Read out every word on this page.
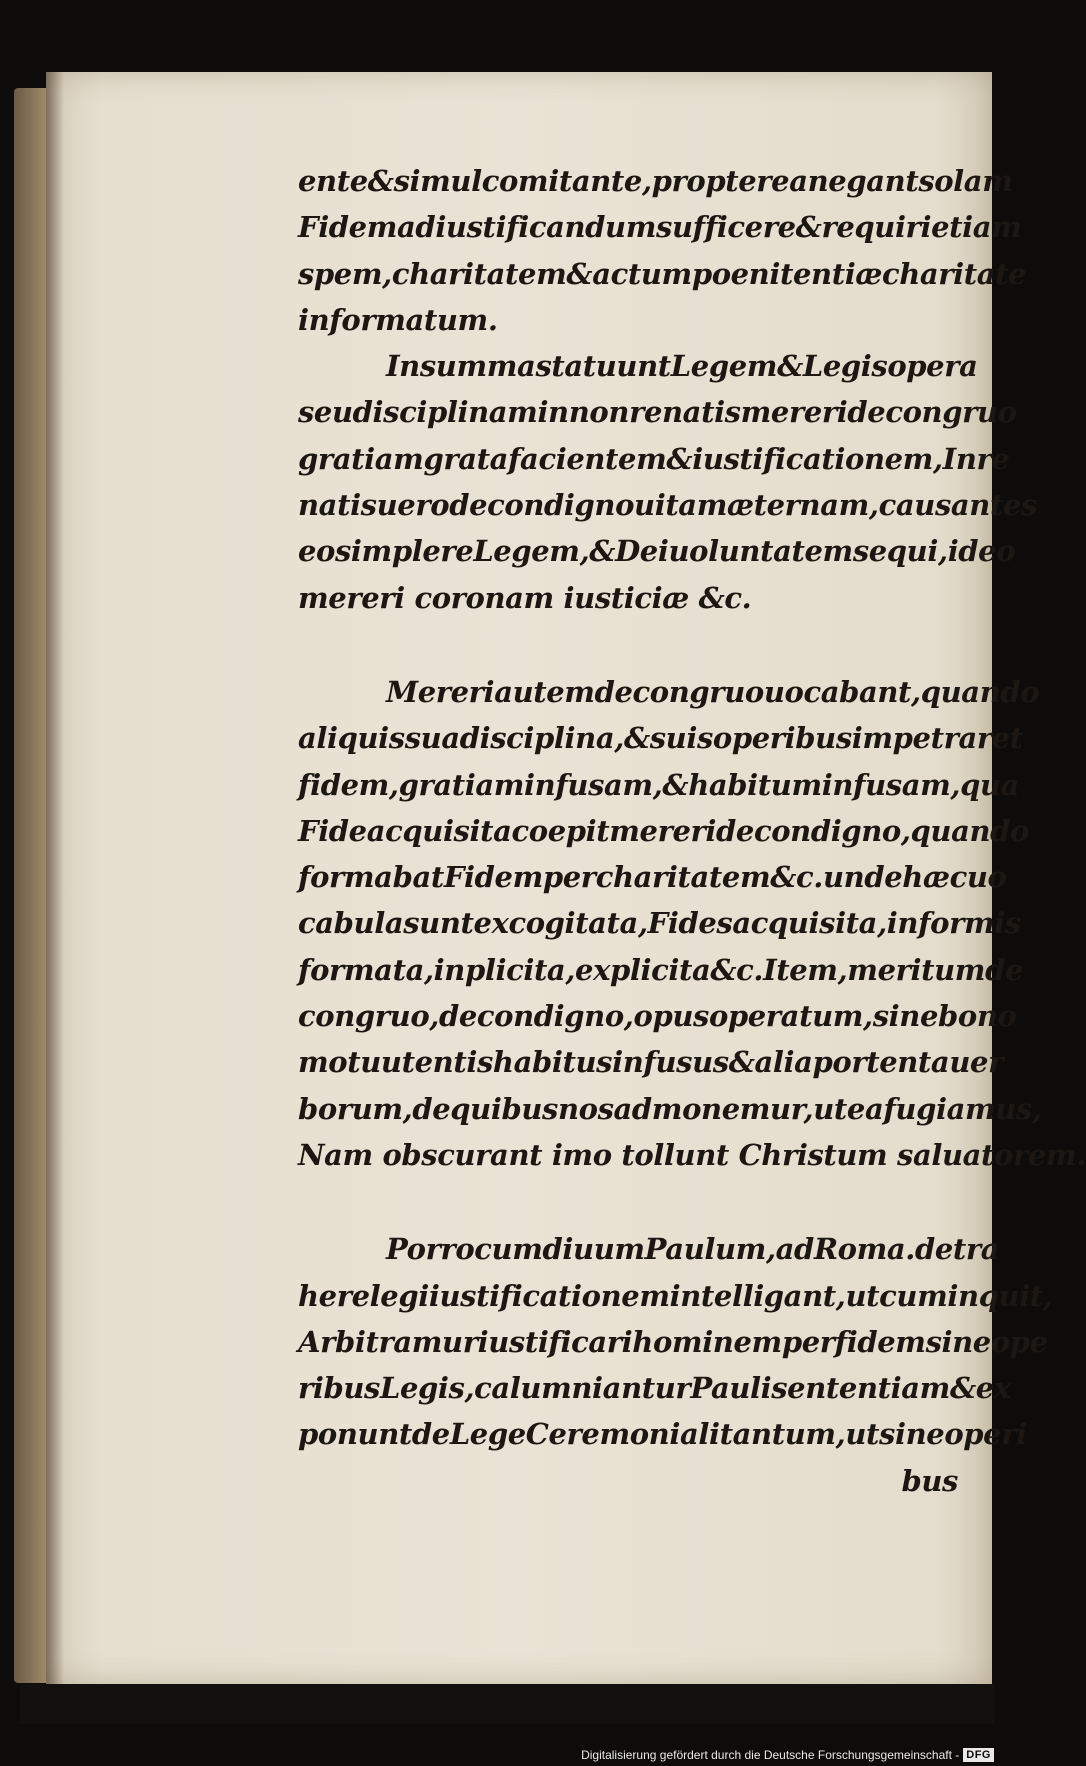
ente & simul comitante , propterea negant solam
Fidem ad iustificandum sufficere & requiri etiam
spem , charitatem & actum poenitentiæ charitate
informatum.
In summa statuunt Legem & Legis opera
seu disciplinam in non renatis mereri de congruo
gratiam grata facientem & iustificationem,In re
natis uero de condigno uitam æternam , causantes
eos implere Legem, & Dei uoluntatem sequi, ideo
mereri coronam iusticiæ &c.
Mereri autem de congruo uocabant,quando
aliquis sua disciplina , & suis operibus impetraret
fidem,gratiam infusam, & habitum infusam, qua
Fide acquisita coepit mereri de condigno , quando
formabat Fidem per charitatem &c. unde hæc uo
cabula sunt excogitata , Fides acquisita , informis
formata,inplicita,explicita &c. Item, meritum de
congruo, de condigno , opus operatum, sine bono
motu utentis habitus infusus & alia portenta uer
borum,de quibus nos admonemur,ut ea fugiamus,
Nam obscurant imo tollunt Christum saluatorem.
Porro cum diuum Paulum, ad Roma. detra
here legi iustificationem intelligant,ut cum inquit,
Arbitramur iustificari hominem per fidem sine ope
ribus Legis,calumniantur Pauli sententiam & ex
ponunt de Lege Ceremoniali tantum,ut sine operi
bus
Digitalisierung gefördert durch die Deutsche Forschungsgemeinschaft - DFG
